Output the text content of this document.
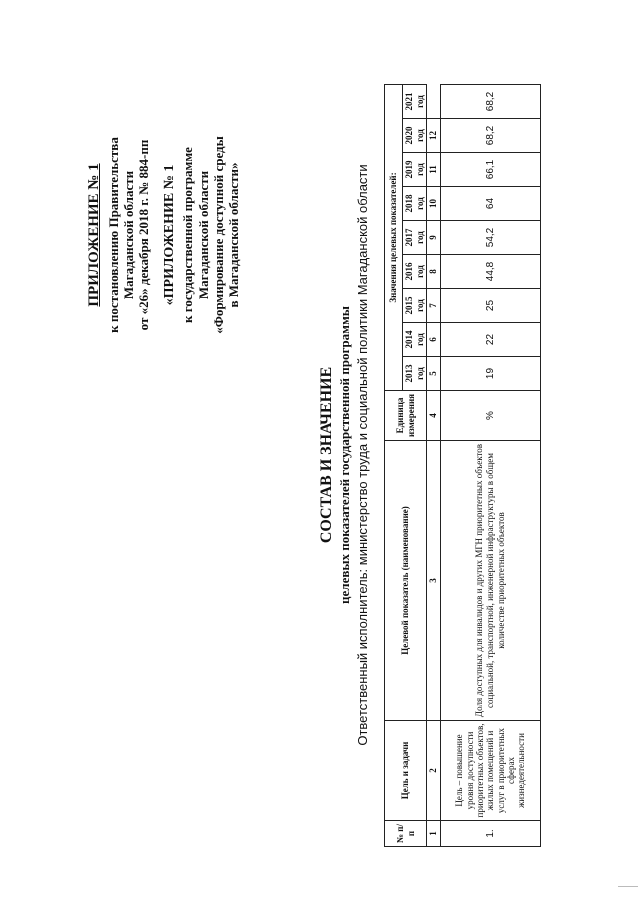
ПРИЛОЖЕНИЕ № 1 к постановлению Правительства Магаданской области от «26» декабря 2018 г. № 884-пп «ПРИЛОЖЕНИЕ № 1 к государственной программе Магаданской области «Формирование доступной среды в Магаданской области»
СОСТАВ И ЗНАЧЕНИЕ целевых показателей государственной программы Ответственный исполнитель: министерство труда и социальной политики Магаданской области
№ п/п	Цель и задачи	Целевой показатель (наименование)	Единица измерения	Значения целевых показателей:								
				2013 год	2014 год	2015 год	2016 год	2017 год	2018 год	2019 год	2020 год	2021 год
1	2	3	4	5	6	7	8	9	10	11	12	
1.	Цель – повышение уровня доступности приоритетных объектов, жилых помещений и услуг в приоритетных сферах жизнедеятельности	Доля доступных для инвалидов и других МГН приоритетных объектов социальной, транспортной, инженерной инфраструктуры в общем количестве приоритетных объектов	%	19	22	25	44,8	54,2	64	66,1	68,2	68,2
